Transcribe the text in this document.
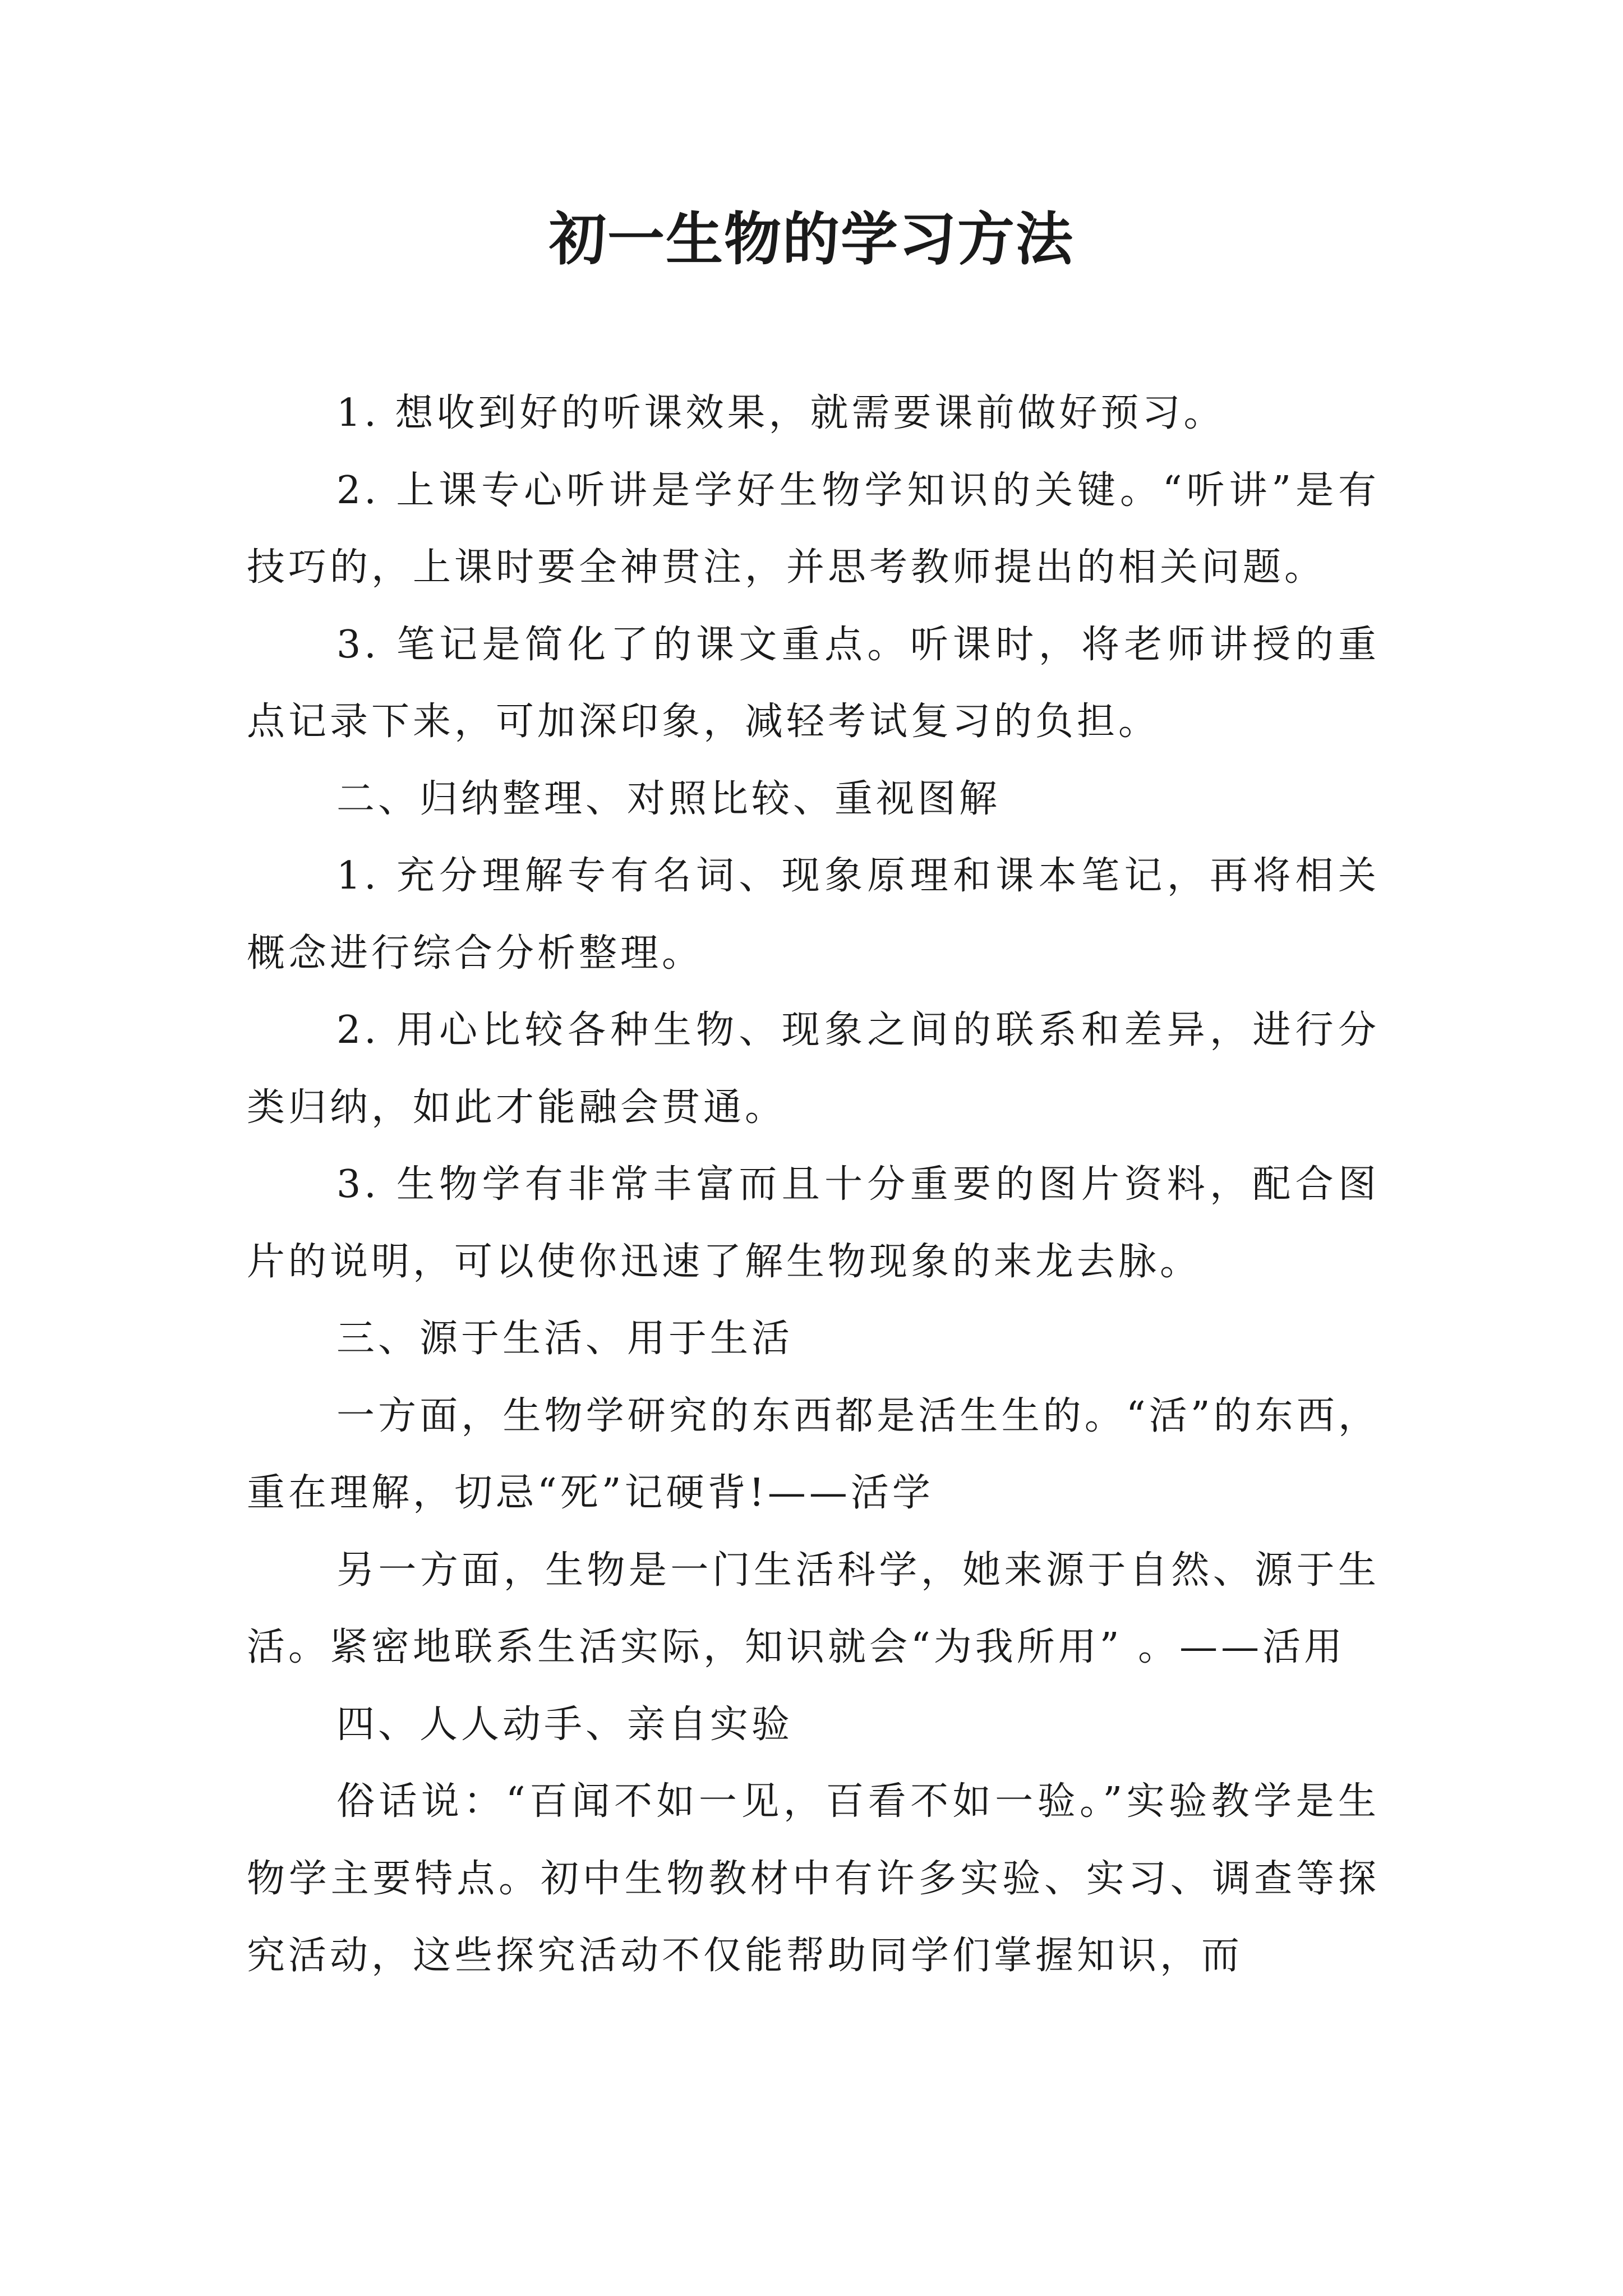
初一生物的学习方法

1. 想收到好的听课效果，就需要课前做好预习。

2. 上课专心听讲是学好生物学知识的关键。“听讲”是有技巧的，上课时要全神贯注，并思考教师提出的相关问题。

3. 笔记是简化了的课文重点。听课时，将老师讲授的重点记录下来，可加深印象，减轻考试复习的负担。

二、归纳整理、对照比较、重视图解

1. 充分理解专有名词、现象原理和课本笔记，再将相关概念进行综合分析整理。

2. 用心比较各种生物、现象之间的联系和差异，进行分类归纳，如此才能融会贯通。

3. 生物学有非常丰富而且十分重要的图片资料，配合图片的说明，可以使你迅速了解生物现象的来龙去脉。

三、源于生活、用于生活

一方面，生物学研究的东西都是活生生的。“活”的东西，重在理解，切忌“死”记硬背!——活学

另一方面，生物是一门生活科学，她来源于自然、源于生活。紧密地联系生活实际，知识就会“为我所用” 。——活用

四、人人动手、亲自实验

俗话说：“百闻不如一见，百看不如一验。”实验教学是生物学主要特点。初中生物教材中有许多实验、实习、调查等探究活动，这些探究活动不仅能帮助同学们掌握知识，而
